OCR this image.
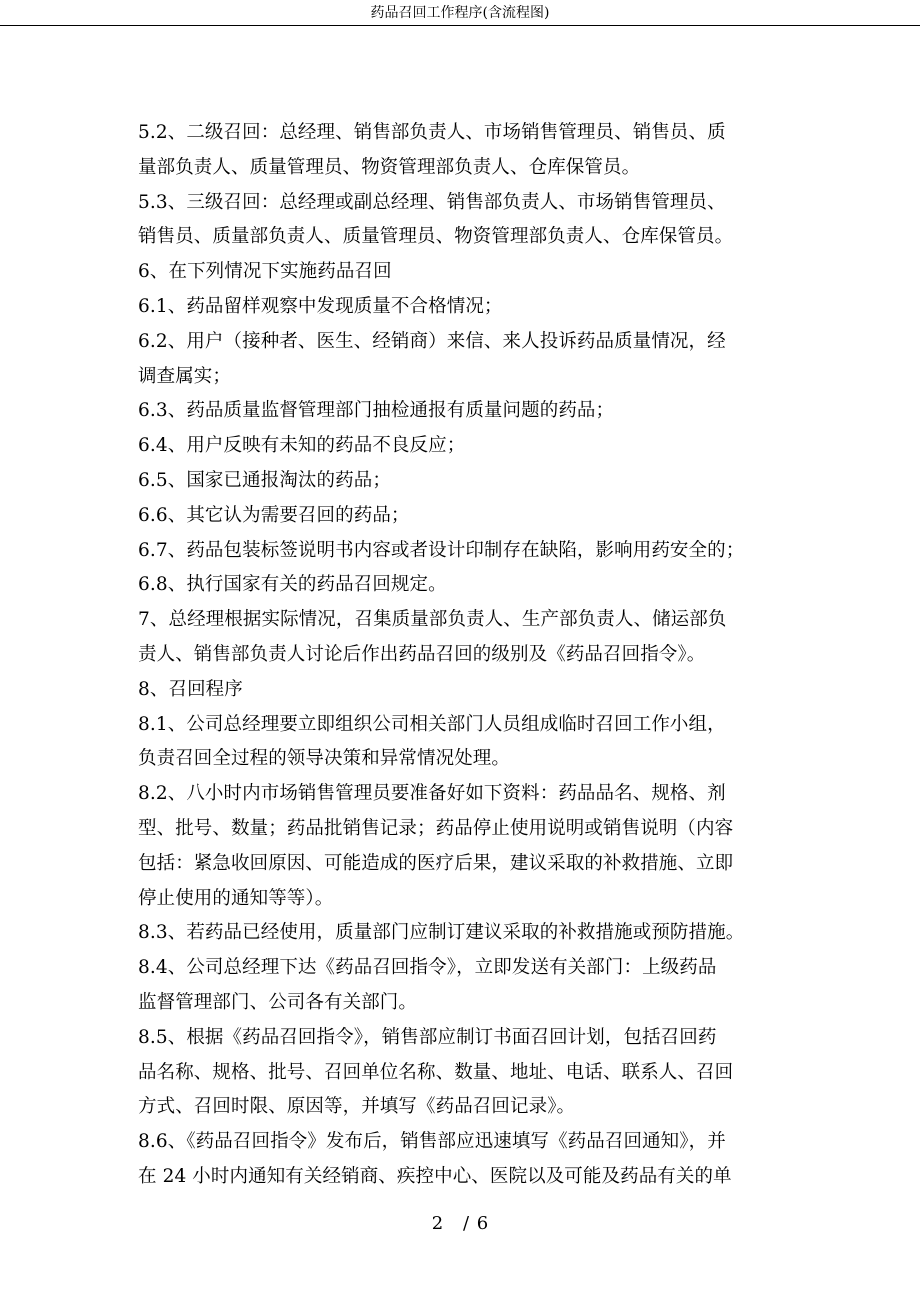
药品召回工作程序(含流程图)
zixin.com.cn

5.2、二级召回：总经理、销售部负责人、市场销售管理员、销售员、质

量部负责人、质量管理员、物资管理部负责人、仓库保管员。

5.3、三级召回：总经理或副总经理、销售部负责人、市场销售管理员、

销售员、质量部负责人、质量管理员、物资管理部负责人、仓库保管员。

6、在下列情况下实施药品召回

6.1、药品留样观察中发现质量不合格情况；

6.2、用户（接种者、医生、经销商）来信、来人投诉药品质量情况，经

调查属实；

6.3、药品质量监督管理部门抽检通报有质量问题的药品；

6.4、用户反映有未知的药品不良反应；

6.5、国家已通报淘汰的药品；

6.6、其它认为需要召回的药品；

6.7、药品包装标签说明书内容或者设计印制存在缺陷，影响用药安全的；

6.8、执行国家有关的药品召回规定。

7、总经理根据实际情况，召集质量部负责人、生产部负责人、储运部负

责人、销售部负责人讨论后作出药品召回的级别及《药品召回指令》。

8、召回程序

8.1、公司总经理要立即组织公司相关部门人员组成临时召回工作小组，

负责召回全过程的领导决策和异常情况处理。

8.2、八小时内市场销售管理员要准备好如下资料：药品品名、规格、剂

型、批号、数量；药品批销售记录；药品停止使用说明或销售说明（内容

包括：紧急收回原因、可能造成的医疗后果，建议采取的补救措施、立即

停止使用的通知等等）。

8.3、若药品已经使用，质量部门应制订建议采取的补救措施或预防措施。

8.4、公司总经理下达《药品召回指令》，立即发送有关部门：上级药品

监督管理部门、公司各有关部门。

8.5、根据《药品召回指令》，销售部应制订书面召回计划，包括召回药

品名称、规格、批号、召回单位名称、数量、地址、电话、联系人、召回

方式、召回时限、原因等，并填写《药品召回记录》。

8.6、《药品召回指令》发布后，销售部应迅速填写《药品召回通知》，并

在 24 小时内通知有关经销商、疾控中心、医院以及可能及药品有关的单

2 / 6
